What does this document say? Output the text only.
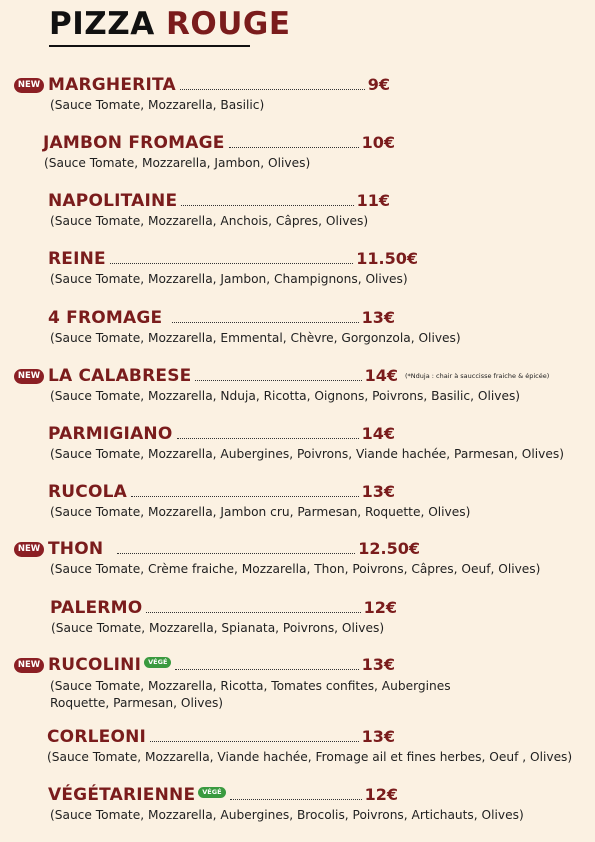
PIZZA ROUGE
NEW MARGHERITA	9€
(Sauce Tomate, Mozzarella, Basilic)
JAMBON FROMAGE	10€
(Sauce Tomate, Mozzarella, Jambon, Olives)
NAPOLITAINE	11€
(Sauce Tomate, Mozzarella, Anchois, Câpres, Olives)
REINE	11.50€
(Sauce Tomate, Mozzarella, Jambon, Champignons, Olives)
4 FROMAGE	13€
(Sauce Tomate, Mozzarella, Emmental, Chèvre, Gorgonzola, Olives)
NEW LA CALABRESE	14€ (*Nduja : chair à sauccisse fraiche & épicée)
(Sauce Tomate, Mozzarella, Nduja, Ricotta, Oignons, Poivrons, Basilic, Olives)
PARMIGIANO	14€
(Sauce Tomate, Mozzarella, Aubergines, Poivrons, Viande hachée, Parmesan, Olives)
RUCOLA	13€
(Sauce Tomate, Mozzarella, Jambon cru, Parmesan, Roquette, Olives)
NEW THON	12.50€
(Sauce Tomate, Crème fraiche, Mozzarella, Thon, Poivrons, Câpres, Oeuf, Olives)
PALERMO	12€
(Sauce Tomate, Mozzarella, Spianata, Poivrons, Olives)
NEW RUCOLINI	VÉGÉ	13€
(Sauce Tomate, Mozzarella, Ricotta, Tomates confites, Aubergines
Roquette, Parmesan, Olives)
CORLEONI	13€
(Sauce Tomate, Mozzarella, Viande hachée, Fromage ail et fines herbes, Oeuf , Olives)
VÉGÉTARIENNE	VÉGÉ	12€
(Sauce Tomate, Mozzarella, Aubergines, Brocolis, Poivrons, Artichauts, Olives)
